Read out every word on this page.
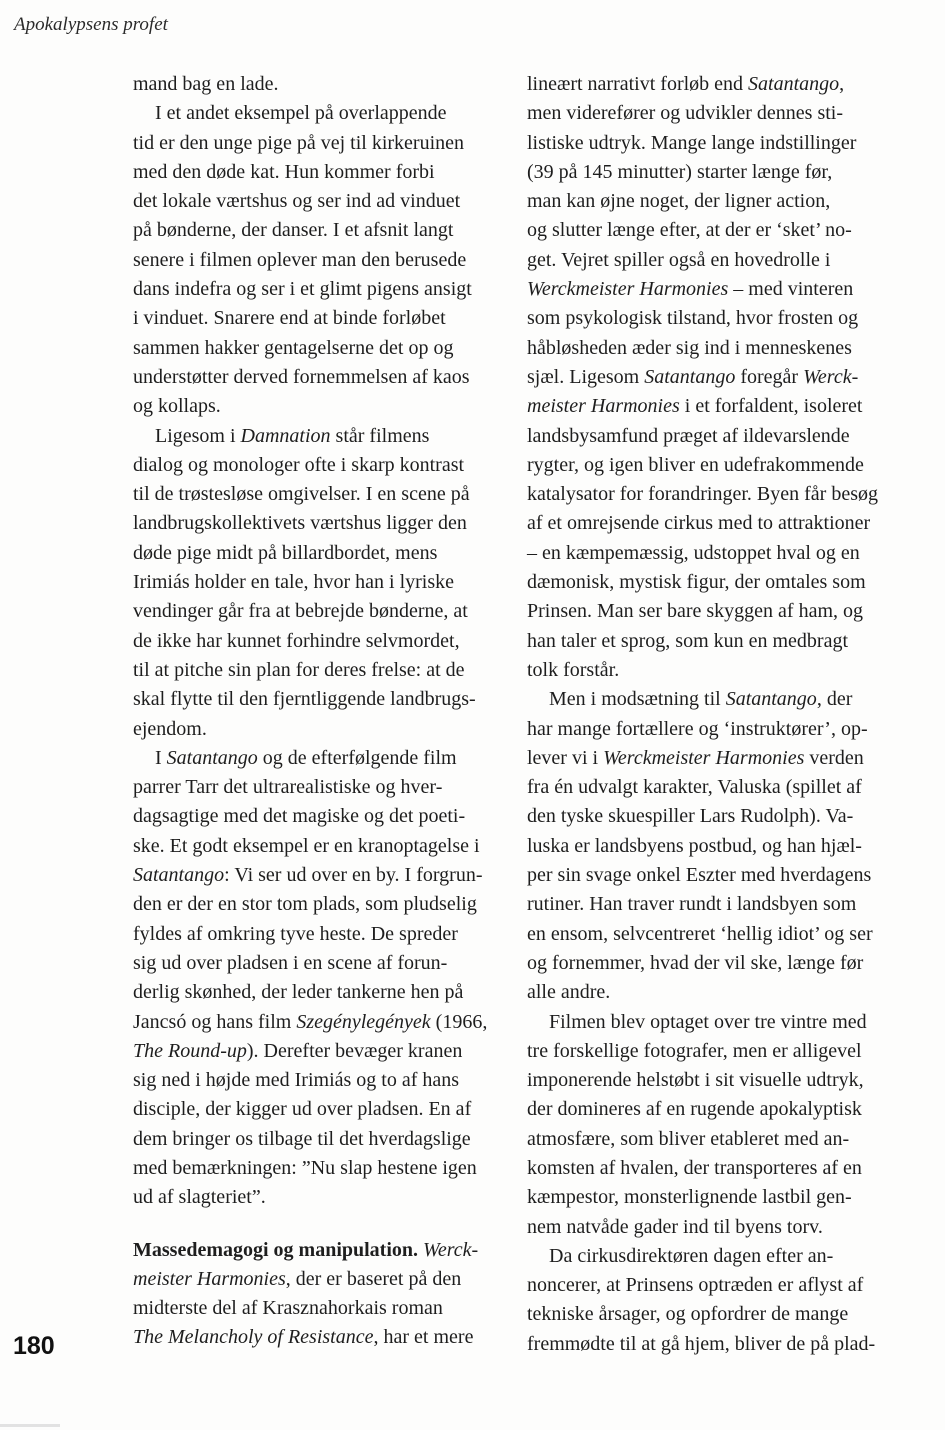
Apokalypsens profet
mand bag en lade.
I et andet eksempel på overlappende
tid er den unge pige på vej til kirkeruinen
med den døde kat. Hun kommer forbi
det lokale værtshus og ser ind ad vinduet
på bønderne, der danser. I et afsnit langt
senere i filmen oplever man den berusede
dans indefra og ser i et glimt pigens ansigt
i vinduet. Snarere end at binde forløbet
sammen hakker gentagelserne det op og
understøtter derved fornemmelsen af kaos
og kollaps.
Ligesom i Damnation står filmens
dialog og monologer ofte i skarp kontrast
til de trøstesløse omgivelser. I en scene på
landbrugskollektivets værtshus ligger den
døde pige midt på billardbordet, mens
Irimiás holder en tale, hvor han i lyriske
vendinger går fra at bebrejde bønderne, at
de ikke har kunnet forhindre selvmordet,
til at pitche sin plan for deres frelse: at de
skal flytte til den fjerntliggende landbrugs-
ejendom.
I Satantango og de efterfølgende film
parrer Tarr det ultrarealistiske og hver-
dagsagtige med det magiske og det poeti-
ske. Et godt eksempel er en kranoptagelse i
Satantango: Vi ser ud over en by. I forgrun-
den er der en stor tom plads, som pludselig
fyldes af omkring tyve heste. De spreder
sig ud over pladsen i en scene af forun-
derlig skønhed, der leder tankerne hen på
Jancsó og hans film Szegénylegények (1966,
The Round-up). Derefter bevæger kranen
sig ned i højde med Irimiás og to af hans
disciple, der kigger ud over pladsen. En af
dem bringer os tilbage til det hverdagslige
med bemærkningen: ”Nu slap hestene igen
ud af slagteriet”.
Massedemagogi og manipulation. Werck-
meister Harmonies, der er baseret på den
midterste del af Krasznahorkais roman
The Melancholy of Resistance, har et mere
lineært narrativt forløb end Satantango,
men viderefører og udvikler dennes sti-
listiske udtryk. Mange lange indstillinger
(39 på 145 minutter) starter længe før,
man kan øjne noget, der ligner action,
og slutter længe efter, at der er ‘sket’ no-
get. Vejret spiller også en hovedrolle i
Werckmeister Harmonies – med vinteren
som psykologisk tilstand, hvor frosten og
håbløsheden æder sig ind i menneskenes
sjæl. Ligesom Satantango foregår Werck-
meister Harmonies i et forfaldent, isoleret
landsbysamfund præget af ildevarslende
rygter, og igen bliver en udefrakommende
katalysator for forandringer. Byen får besøg
af et omrejsende cirkus med to attraktioner
– en kæmpemæssig, udstoppet hval og en
dæmonisk, mystisk figur, der omtales som
Prinsen. Man ser bare skyggen af ham, og
han taler et sprog, som kun en medbragt
tolk forstår.
Men i modsætning til Satantango, der
har mange fortællere og ‘instruktører’, op-
lever vi i Werckmeister Harmonies verden
fra én udvalgt karakter, Valuska (spillet af
den tyske skuespiller Lars Rudolph). Va-
luska er landsbyens postbud, og han hjæl-
per sin svage onkel Eszter med hverdagens
rutiner. Han traver rundt i landsbyen som
en ensom, selvcentreret ‘hellig idiot’ og ser
og fornemmer, hvad der vil ske, længe før
alle andre.
Filmen blev optaget over tre vintre med
tre forskellige fotografer, men er alligevel
imponerende helstøbt i sit visuelle udtryk,
der domineres af en rugende apokalyptisk
atmosfære, som bliver etableret med an-
komsten af hvalen, der transporteres af en
kæmpestor, monsterlignende lastbil gen-
nem natvåde gader ind til byens torv.
Da cirkusdirektøren dagen efter an-
noncerer, at Prinsens optræden er aflyst af
tekniske årsager, og opfordrer de mange
fremmødte til at gå hjem, bliver de på plad-
180
